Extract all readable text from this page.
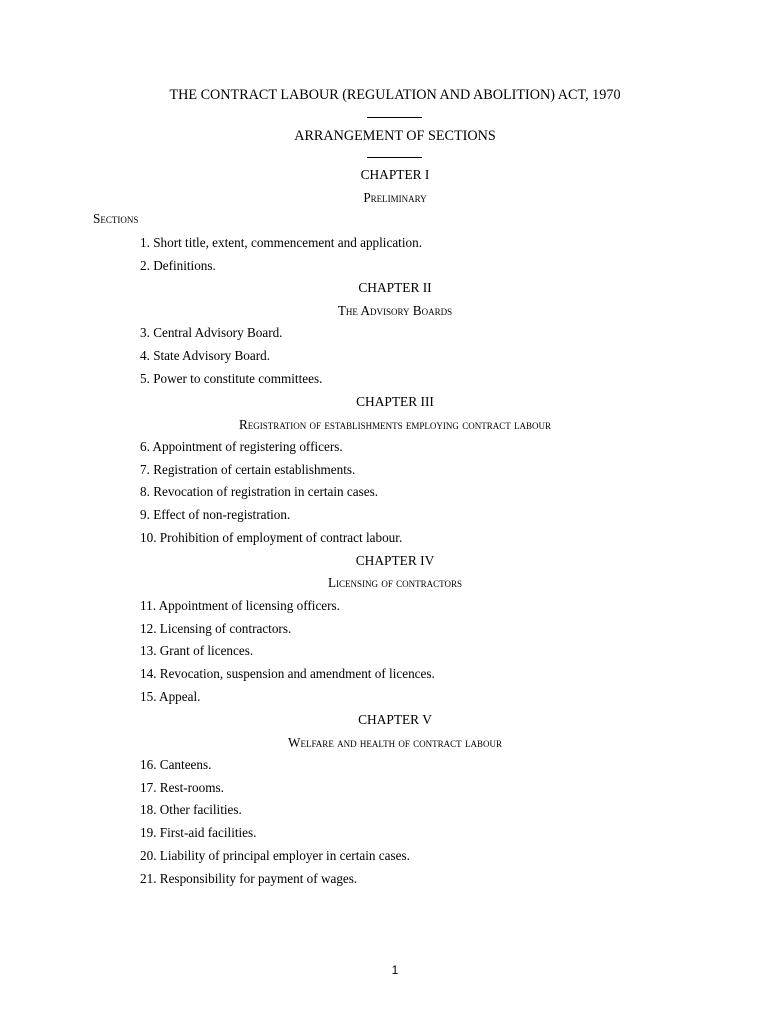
THE CONTRACT LABOUR (REGULATION AND ABOLITION) ACT, 1970
ARRANGEMENT OF SECTIONS
CHAPTER I
Preliminary
Sections
1. Short title, extent, commencement and application.
2. Definitions.
CHAPTER II
The Advisory Boards
3. Central Advisory Board.
4. State Advisory Board.
5. Power to constitute committees.
CHAPTER III
Registration of establishments employing contract labour
6. Appointment of registering officers.
7. Registration of certain establishments.
8. Revocation of registration in certain cases.
9. Effect of non-registration.
10. Prohibition of employment of contract labour.
CHAPTER IV
Licensing of contractors
11. Appointment of licensing officers.
12. Licensing of contractors.
13. Grant of licences.
14. Revocation, suspension and amendment of licences.
15. Appeal.
CHAPTER V
Welfare and health of contract labour
16. Canteens.
17. Rest-rooms.
18. Other facilities.
19. First-aid facilities.
20. Liability of principal employer in certain cases.
21. Responsibility for payment of wages.
1
